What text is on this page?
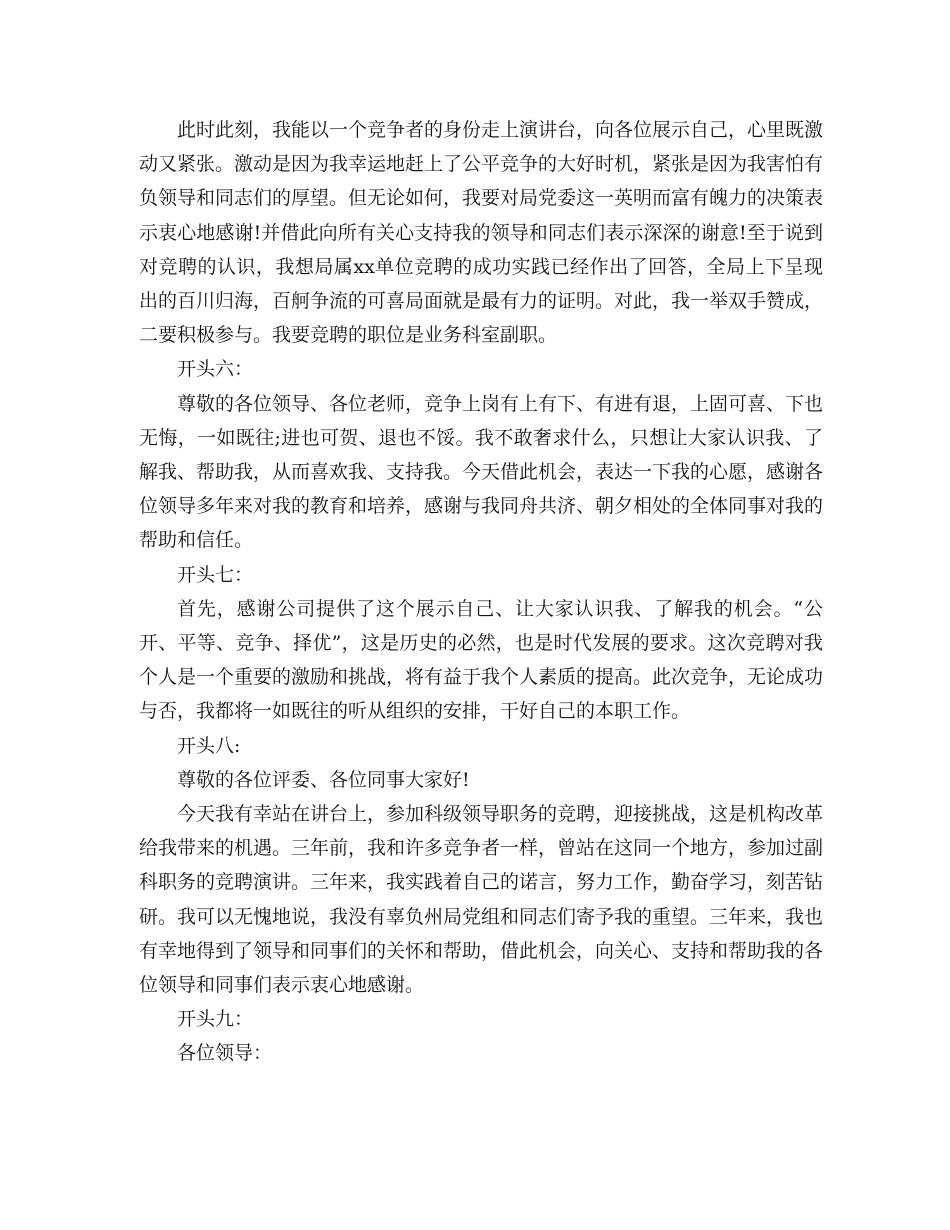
此时此刻，我能以一个竞争者的身份走上演讲台，向各位展示自己，心里既激动又紧张。激动是因为我幸运地赶上了公平竞争的大好时机，紧张是因为我害怕有负领导和同志们的厚望。但无论如何，我要对局党委这一英明而富有魄力的决策表示衷心地感谢!并借此向所有关心支持我的领导和同志们表示深深的谢意!至于说到对竞聘的认识，我想局属xx单位竞聘的成功实践已经作出了回答，全局上下呈现出的百川归海，百舸争流的可喜局面就是最有力的证明。对此，我一举双手赞成，二要积极参与。我要竞聘的职位是业务科室副职。

开头六：

尊敬的各位领导、各位老师，竞争上岗有上有下、有进有退，上固可喜、下也无悔，一如既往;进也可贺、退也不馁。我不敢奢求什么，只想让大家认识我、了解我、帮助我，从而喜欢我、支持我。今天借此机会，表达一下我的心愿，感谢各位领导多年来对我的教育和培养，感谢与我同舟共济、朝夕相处的全体同事对我的帮助和信任。

开头七：

首先，感谢公司提供了这个展示自己、让大家认识我、了解我的机会。“公开、平等、竞争、择优”，这是历史的必然，也是时代发展的要求。这次竞聘对我个人是一个重要的激励和挑战，将有益于我个人素质的提高。此次竞争，无论成功与否，我都将一如既往的听从组织的安排，干好自己的本职工作。

开头八:

尊敬的各位评委、各位同事大家好!

今天我有幸站在讲台上，参加科级领导职务的竞聘，迎接挑战，这是机构改革给我带来的机遇。三年前，我和许多竞争者一样，曾站在这同一个地方，参加过副科职务的竞聘演讲。三年来，我实践着自己的诺言，努力工作，勤奋学习，刻苦钻研。我可以无愧地说，我没有辜负州局党组和同志们寄予我的重望。三年来，我也有幸地得到了领导和同事们的关怀和帮助，借此机会，向关心、支持和帮助我的各位领导和同事们表示衷心地感谢。

开头九：

各位领导：
